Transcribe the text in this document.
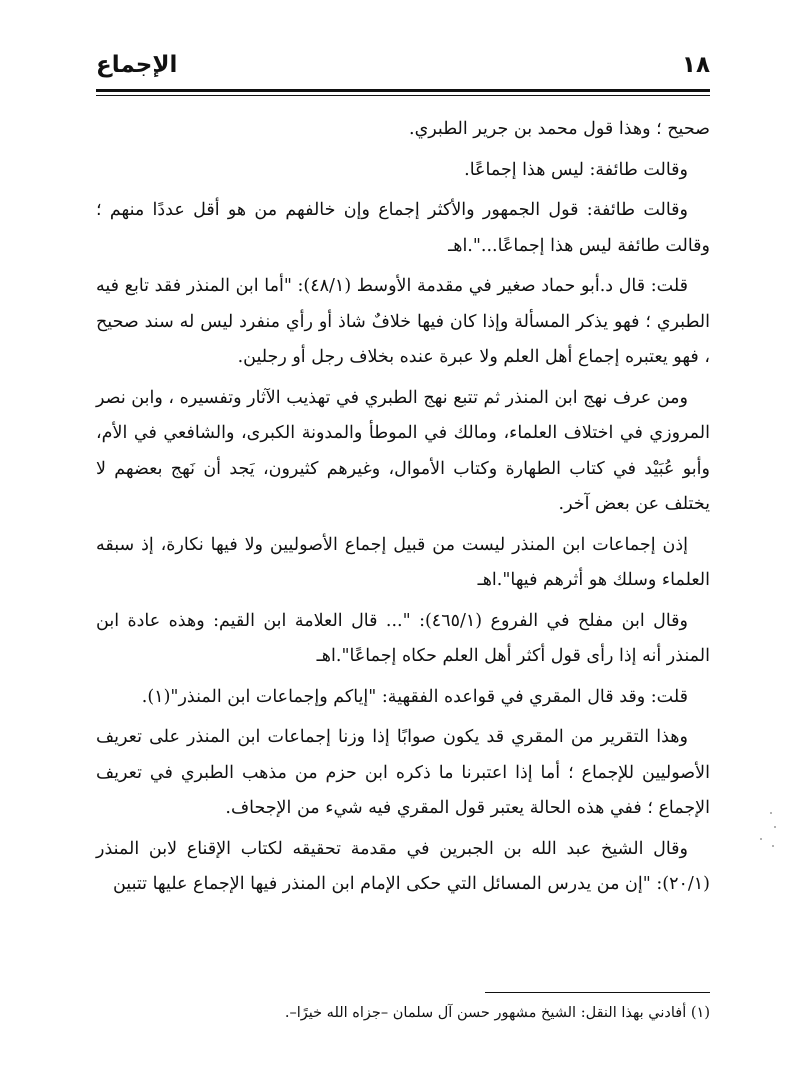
١٨
الإجماع

صحيح ؛ وهذا قول محمد بن جرير الطبري.

وقالت طائفة: ليس هذا إجماعًا.

وقالت طائفة: قول الجمهور والأكثر إجماع وإن خالفهم من هو أقل عددًا منهم ؛ وقالت طائفة ليس هذا إجماعًا...".اهـ

قلت: قال د.أبو حماد صغير في مقدمة الأوسط (٤٨/١): "أما ابن المنذر فقد تابع فيه الطبري ؛ فهو يذكر المسألة وإذا كان فيها خلافٌ شاذ أو رأي منفرد ليس له سند صحيح ، فهو يعتبره إجماع أهل العلم ولا عبرة عنده بخلاف رجل أو رجلين.

ومن عرف نهج ابن المنذر ثم تتبع نهج الطبري في تهذيب الآثار وتفسيره ، وابن نصر المروزي في اختلاف العلماء، ومالك في الموطأ والمدونة الكبرى، والشافعي في الأم، وأبو عُبَيْد في كتاب الطهارة وكتاب الأموال، وغيرهم كثيرون، يَجد أن نَهج بعضهم لا يختلف عن بعض آخر.

إذن إجماعات ابن المنذر ليست من قبيل إجماع الأصوليين ولا فيها نكارة، إذ سبقه العلماء وسلك هو أثرهم فيها".اهـ

وقال ابن مفلح في الفروع (٤٦٥/١): "... قال العلامة ابن القيم: وهذه عادة ابن المنذر أنه إذا رأى قول أكثر أهل العلم حكاه إجماعًا".اهـ

قلت: وقد قال المقري في قواعده الفقهية: "إياكم وإجماعات ابن المنذر"(١).

وهذا التقرير من المقري قد يكون صوابًا إذا وزنا إجماعات ابن المنذر على تعريف الأصوليين للإجماع ؛ أما إذا اعتبرنا ما ذكره ابن حزم من مذهب الطبري في تعريف الإجماع ؛ ففي هذه الحالة يعتبر قول المقري فيه شيء من الإجحاف.

وقال الشيخ عبد الله بن الجبرين في مقدمة تحقيقه لكتاب الإقناع لابن المنذر (٢٠/١): "إن من يدرس المسائل التي حكى الإمام ابن المنذر فيها الإجماع عليها تتبين

(١) أفادني بهذا النقل: الشيخ مشهور حسن آل سلمان –جزاه الله خيرًا–.
